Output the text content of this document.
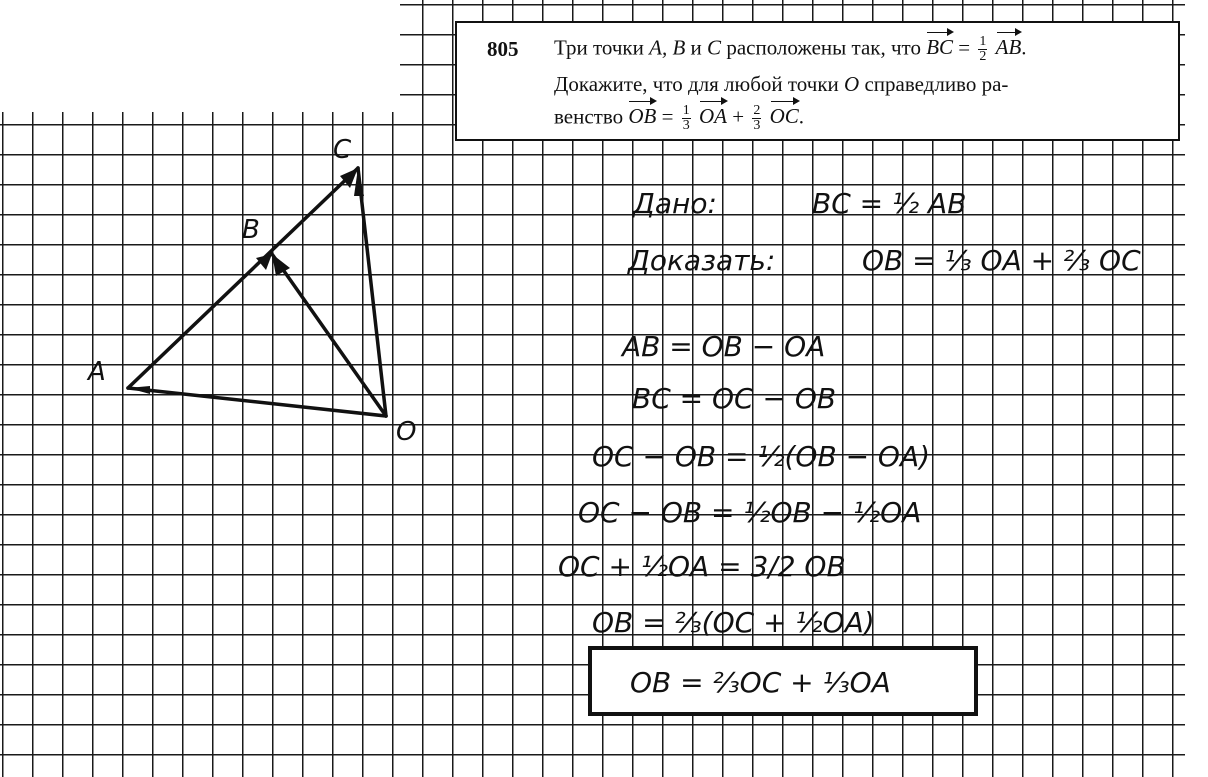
805 Три точки A, B и C расположены так, что BC = $\frac{1}{2}$ AB.
Докажите, что для любой точки O справедливо ра-
венство OB = $\frac{1}{3}$ OA + $\frac{2}{3}$ OC.
A
B
C
O
Дано:	BC = ½ AB
Доказать:	OB = ⅓ OA + ⅔ OC
AB = OB − OA
BC = OC − OB
OC − OB = ½(OB − OA)
OC − OB = ½OB − ½OA
OC + ½OA = 3/2 OB
OB = ⅔(OC + ½OA)
OB = ⅔OC + ⅓OA
